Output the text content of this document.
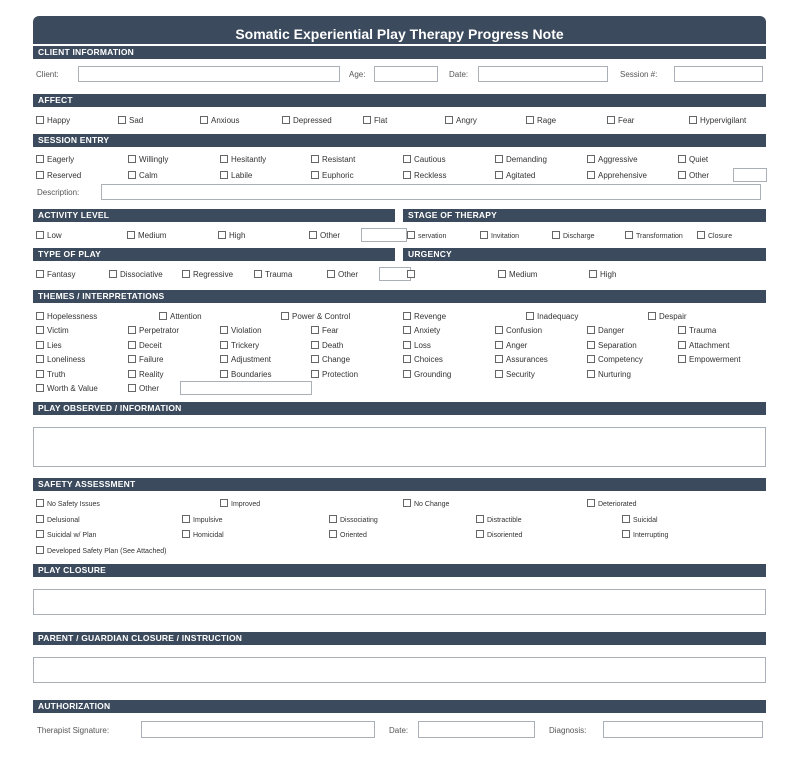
Somatic Experiential Play Therapy Progress Note
CLIENT INFORMATION
Client:	Age:	Date:	Session #:
AFFECT
Happy	Sad	Anxious	Depressed	Flat	Angry	Rage	Fear	Hypervigilant
SESSION ENTRY
Eagerly	Willingly	Hesitantly	Resistant	Cautious	Demanding	Aggressive	Quiet
Reserved	Calm	Labile	Euphoric	Reckless	Agitated	Apprehensive	Other
Description:
ACTIVITY LEVEL	STAGE OF THERAPY
Low	Medium	High	Other	servation	Invitation	Discharge	Transformation	Closure
TYPE OF PLAY	URGENCY
Fantasy	Dissociative	Regressive	Trauma	Other	Medium	High
THEMES / INTERPRETATIONS
Hopelessness	Attention	Power & Control	Revenge	Inadequacy	Despair
Victim	Perpetrator	Violation	Fear	Anxiety	Confusion	Danger	Trauma
Lies	Deceit	Trickery	Death	Loss	Anger	Separation	Attachment
Loneliness	Failure	Adjustment	Change	Choices	Assurances	Competency	Empowerment
Truth	Reality	Boundaries	Protection	Grounding	Security	Nurturing
Worth & Value	Other
PLAY OBSERVED / INFORMATION
SAFETY ASSESSMENT
No Safety Issues	Improved	No Change	Deteriorated
Delusional	Impulsive	Dissociating	Distractible	Suicidal
Suicidal w/ Plan	Homicidal	Oriented	Disoriented	Interrupting
Developed Safety Plan (See Attached)
PLAY CLOSURE
PARENT / GUARDIAN CLOSURE / INSTRUCTION
AUTHORIZATION
Therapist Signature:	Date:	Diagnosis:
